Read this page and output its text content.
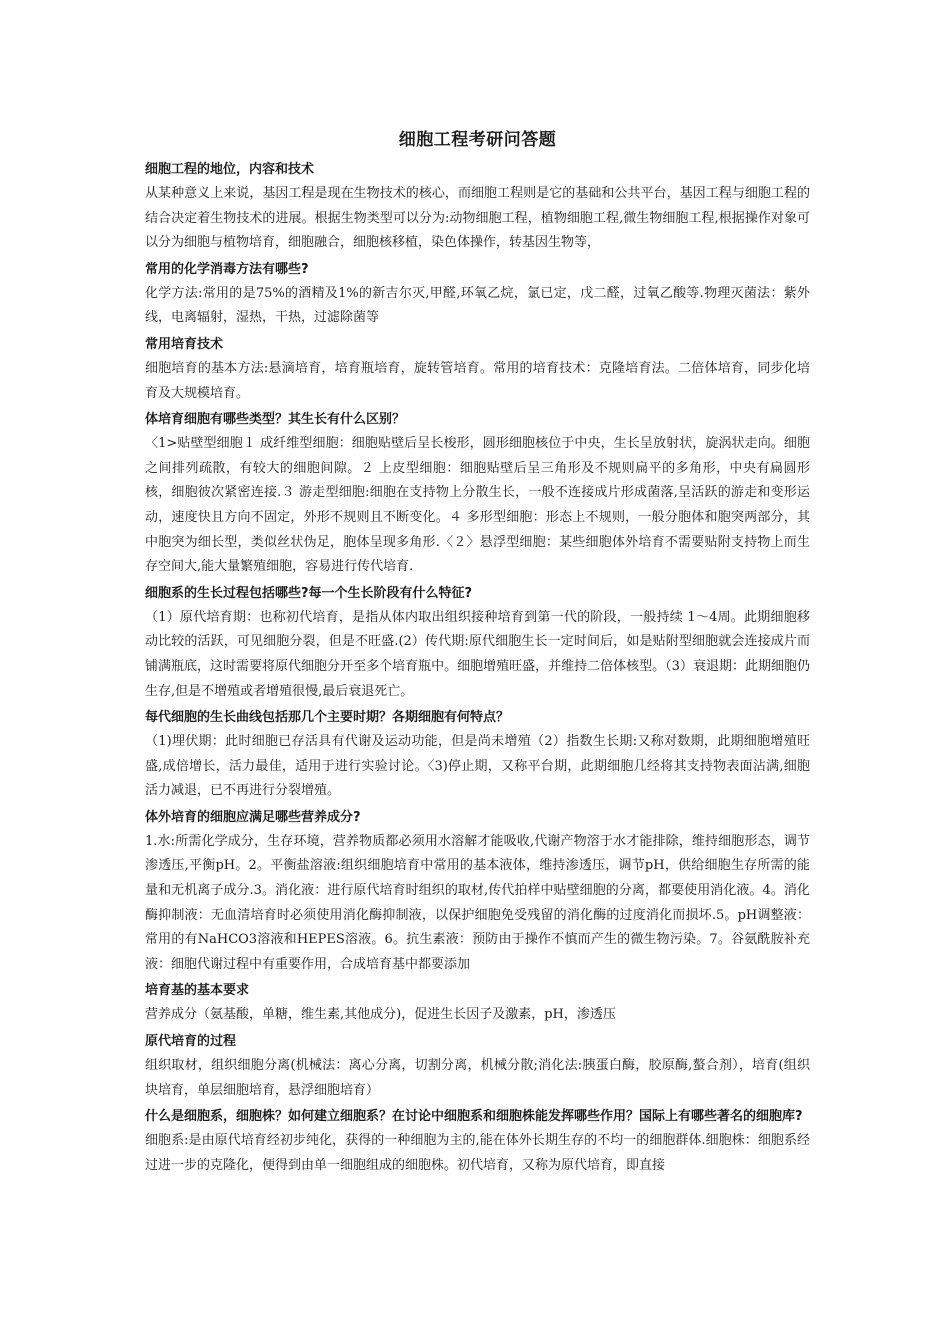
细胞工程考研问答题
细胞工程的地位，内容和技术

从某种意义上来说，基因工程是现在生物技术的核心，而细胞工程则是它的基础和公共平台，基因工程与细胞工程的结合决定着生物技术的进展。根据生物类型可以分为:动物细胞工程，植物细胞工程,微生物细胞工程,根据操作对象可以分为细胞与植物培育，细胞融合，细胞核移植，染色体操作，转基因生物等，

常用的化学消毒方法有哪些?

化学方法:常用的是75%的酒精及1%的新吉尔灭,甲醛,环氧乙烷，氯已定，戊二醛，过氧乙酸等.物理灭菌法：紫外线，电离辐射，湿热，干热，过滤除菌等

常用培育技术

细胞培育的基本方法:悬滴培育，培育瓶培育，旋转管培育。常用的培育技术：克隆培育法。二倍体培育，同步化培育及大规模培育。

体培育细胞有哪些类型？其生长有什么区别？

〈1>贴壁型细胞１ 成纤维型细胞：细胞贴壁后呈长梭形，圆形细胞核位于中央，生长呈放射状，旋涡状走向。细胞之间排列疏散，有较大的细胞间隙。２ 上皮型细胞：细胞贴壁后呈三角形及不规则扁平的多角形，中央有扁圆形核，细胞彼次紧密连接.３ 游走型细胞:细胞在支持物上分散生长，一般不连接成片形成菌落,呈活跃的游走和变形运动，速度快且方向不固定，外形不规则且不断变化。４ 多形型细胞：形态上不规则，一般分胞体和胞突两部分，其中胞突为细长型，类似丝状伪足，胞体呈现多角形.〈２〉悬浮型细胞：某些细胞体外培育不需要贴附支持物上而生存空间大,能大量繁殖细胞，容易进行传代培育.

细胞系的生长过程包括哪些?每一个生长阶段有什么特征?

（1）原代培育期：也称初代培育，是指从体内取出组织接种培育到第一代的阶段，一般持续 1～4周。此期细胞移动比较的活跃，可见细胞分裂，但是不旺盛.(2）传代期:原代细胞生长一定时间后，如是贴附型细胞就会连接成片而铺满瓶底，这时需要将原代细胞分开至多个培育瓶中。细胞增殖旺盛，并维持二倍体核型。（3）衰退期：此期细胞仍生存,但是不增殖或者增殖很慢,最后衰退死亡。

每代细胞的生长曲线包括那几个主要时期？各期细胞有何特点？

（1)埋伏期：此时细胞已存活具有代谢及运动功能，但是尚未增殖（2）指数生长期:又称对数期，此期细胞增殖旺盛,成倍增长，活力最佳，适用于进行实验讨论。〈3)停止期，又称平台期，此期细胞几经将其支持物表面沾满,细胞活力减退，已不再进行分裂增殖。

体外培育的细胞应满足哪些营养成分?

1.水:所需化学成分，生存环境，营养物质都必须用水溶解才能吸收,代谢产物溶于水才能排除，维持细胞形态，调节渗透压,平衡pH。2。平衡盐溶液:组织细胞培育中常用的基本液体，维持渗透压，调节pH，供给细胞生存所需的能量和无机离子成分.3。消化液：进行原代培育时组织的取材,传代拍样中贴壁细胞的分离，都要使用消化液。4。消化酶抑制液：无血清培育时必须使用消化酶抑制液，以保护细胞免受残留的消化酶的过度消化而损坏.5。pH调整液：常用的有NaHCO3溶液和HEPES溶液。6。抗生素液：预防由于操作不慎而产生的微生物污染。7。谷氨酰胺补充液：细胞代谢过程中有重要作用，合成培育基中都要添加

培育基的基本要求

营养成分（氨基酸，单糖，维生素,其他成分)，促进生长因子及激素，pH，渗透压

原代培育的过程

组织取材，组织细胞分离(机械法：离心分离，切割分离，机械分散;消化法:胰蛋白酶，胶原酶,螯合剂），培育(组织块培育，单层细胞培育，悬浮细胞培育）

什么是细胞系，细胞株？如何建立细胞系？在讨论中细胞系和细胞株能发挥哪些作用？国际上有哪些著名的细胞库?

细胞系:是由原代培育经初步纯化，获得的一种细胞为主的,能在体外长期生存的不均一的细胞群体.细胞株：细胞系经过进一步的克隆化，便得到由单一细胞组成的细胞株。初代培育，又称为原代培育，即直接
